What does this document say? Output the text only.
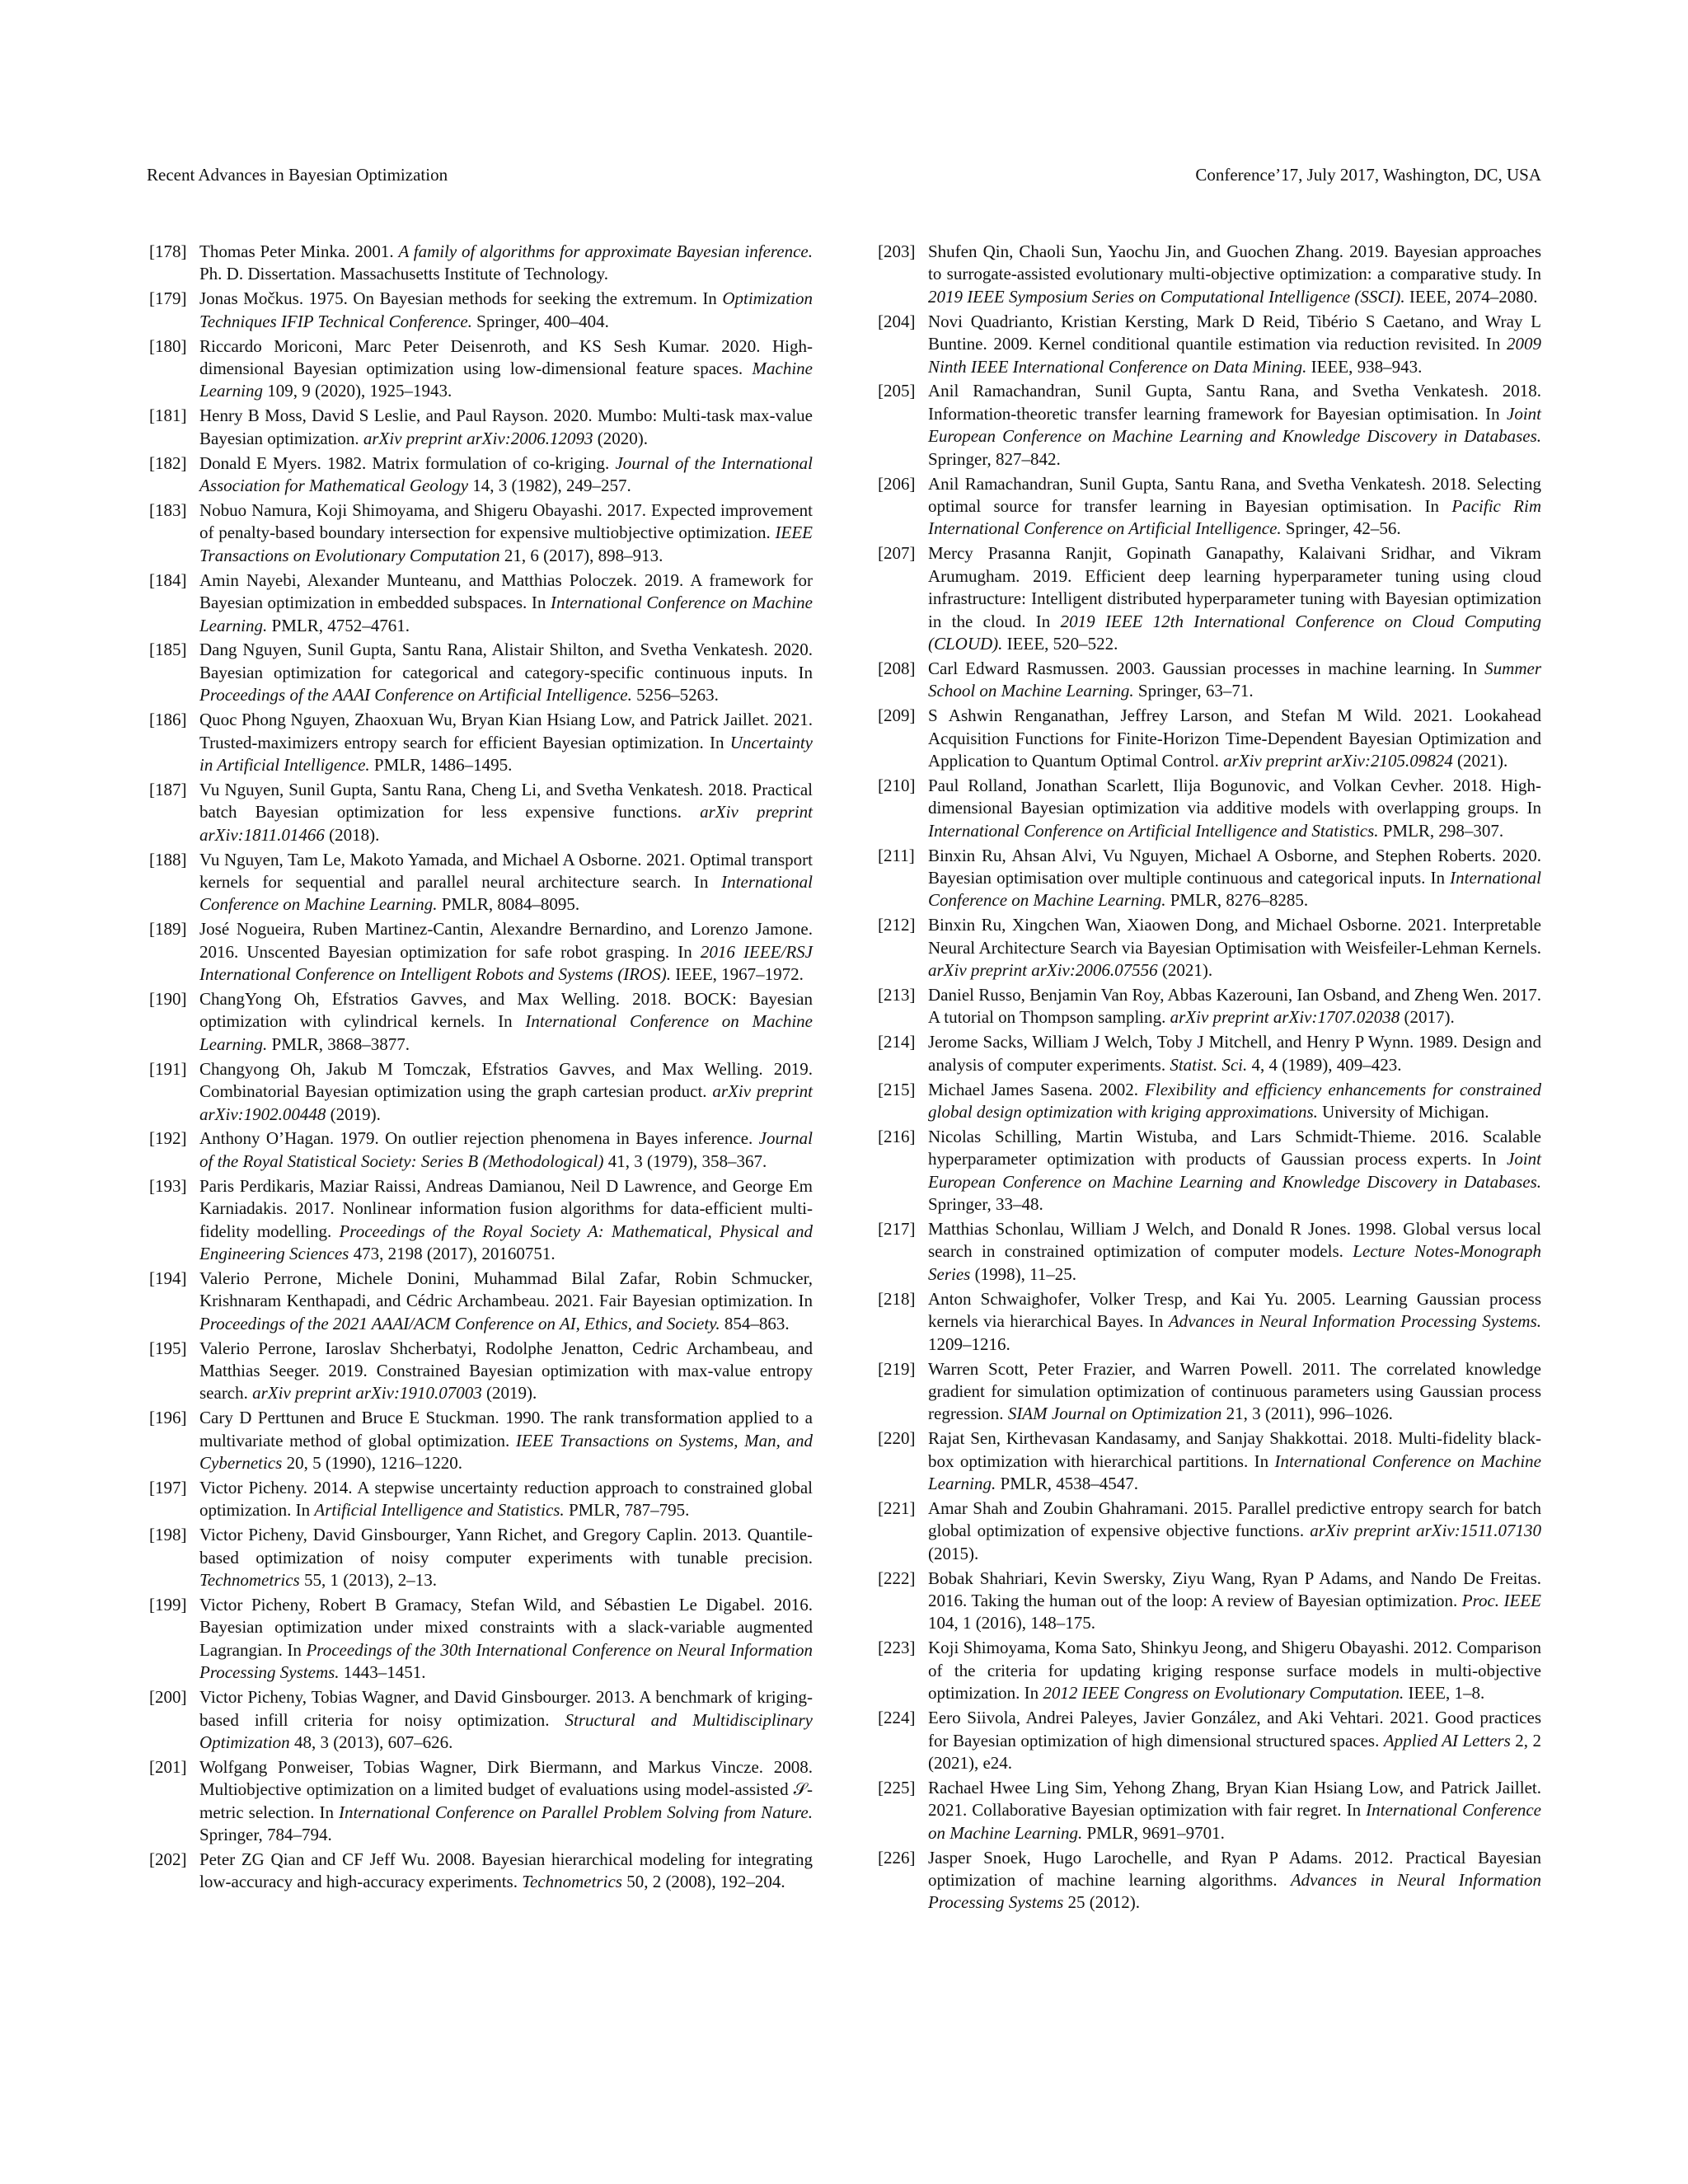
Recent Advances in Bayesian Optimization	Conference’17, July 2017, Washington, DC, USA
[178] Thomas Peter Minka. 2001. A family of algorithms for approximate Bayesian inference. Ph. D. Dissertation. Massachusetts Institute of Technology.
[179] Jonas Močkus. 1975. On Bayesian methods for seeking the extremum. In Optimization Techniques IFIP Technical Conference. Springer, 400–404.
[180] Riccardo Moriconi, Marc Peter Deisenroth, and KS Sesh Kumar. 2020. High-dimensional Bayesian optimization using low-dimensional feature spaces. Machine Learning 109, 9 (2020), 1925–1943.
[181] Henry B Moss, David S Leslie, and Paul Rayson. 2020. Mumbo: Multi-task max-value Bayesian optimization. arXiv preprint arXiv:2006.12093 (2020).
[182] Donald E Myers. 1982. Matrix formulation of co-kriging. Journal of the International Association for Mathematical Geology 14, 3 (1982), 249–257.
[183] Nobuo Namura, Koji Shimoyama, and Shigeru Obayashi. 2017. Expected improvement of penalty-based boundary intersection for expensive multiobjective optimization. IEEE Transactions on Evolutionary Computation 21, 6 (2017), 898–913.
[184] Amin Nayebi, Alexander Munteanu, and Matthias Poloczek. 2019. A framework for Bayesian optimization in embedded subspaces. In International Conference on Machine Learning. PMLR, 4752–4761.
[185] Dang Nguyen, Sunil Gupta, Santu Rana, Alistair Shilton, and Svetha Venkatesh. 2020. Bayesian optimization for categorical and category-specific continuous inputs. In Proceedings of the AAAI Conference on Artificial Intelligence. 5256–5263.
[186] Quoc Phong Nguyen, Zhaoxuan Wu, Bryan Kian Hsiang Low, and Patrick Jaillet. 2021. Trusted-maximizers entropy search for efficient Bayesian optimization. In Uncertainty in Artificial Intelligence. PMLR, 1486–1495.
[187] Vu Nguyen, Sunil Gupta, Santu Rana, Cheng Li, and Svetha Venkatesh. 2018. Practical batch Bayesian optimization for less expensive functions. arXiv preprint arXiv:1811.01466 (2018).
[188] Vu Nguyen, Tam Le, Makoto Yamada, and Michael A Osborne. 2021. Optimal transport kernels for sequential and parallel neural architecture search. In International Conference on Machine Learning. PMLR, 8084–8095.
[189] José Nogueira, Ruben Martinez-Cantin, Alexandre Bernardino, and Lorenzo Jamone. 2016. Unscented Bayesian optimization for safe robot grasping. In 2016 IEEE/RSJ International Conference on Intelligent Robots and Systems (IROS). IEEE, 1967–1972.
[190] ChangYong Oh, Efstratios Gavves, and Max Welling. 2018. BOCK: Bayesian optimization with cylindrical kernels. In International Conference on Machine Learning. PMLR, 3868–3877.
[191] Changyong Oh, Jakub M Tomczak, Efstratios Gavves, and Max Welling. 2019. Combinatorial Bayesian optimization using the graph cartesian product. arXiv preprint arXiv:1902.00448 (2019).
[192] Anthony O’Hagan. 1979. On outlier rejection phenomena in Bayes inference. Journal of the Royal Statistical Society: Series B (Methodological) 41, 3 (1979), 358–367.
[193] Paris Perdikaris, Maziar Raissi, Andreas Damianou, Neil D Lawrence, and George Em Karniadakis. 2017. Nonlinear information fusion algorithms for data-efficient multi-fidelity modelling. Proceedings of the Royal Society A: Mathematical, Physical and Engineering Sciences 473, 2198 (2017), 20160751.
[194] Valerio Perrone, Michele Donini, Muhammad Bilal Zafar, Robin Schmucker, Krishnaram Kenthapadi, and Cédric Archambeau. 2021. Fair Bayesian optimization. In Proceedings of the 2021 AAAI/ACM Conference on AI, Ethics, and Society. 854–863.
[195] Valerio Perrone, Iaroslav Shcherbatyi, Rodolphe Jenatton, Cedric Archambeau, and Matthias Seeger. 2019. Constrained Bayesian optimization with max-value entropy search. arXiv preprint arXiv:1910.07003 (2019).
[196] Cary D Perttunen and Bruce E Stuckman. 1990. The rank transformation applied to a multivariate method of global optimization. IEEE Transactions on Systems, Man, and Cybernetics 20, 5 (1990), 1216–1220.
[197] Victor Picheny. 2014. A stepwise uncertainty reduction approach to constrained global optimization. In Artificial Intelligence and Statistics. PMLR, 787–795.
[198] Victor Picheny, David Ginsbourger, Yann Richet, and Gregory Caplin. 2013. Quantile-based optimization of noisy computer experiments with tunable precision. Technometrics 55, 1 (2013), 2–13.
[199] Victor Picheny, Robert B Gramacy, Stefan Wild, and Sébastien Le Digabel. 2016. Bayesian optimization under mixed constraints with a slack-variable augmented Lagrangian. In Proceedings of the 30th International Conference on Neural Information Processing Systems. 1443–1451.
[200] Victor Picheny, Tobias Wagner, and David Ginsbourger. 2013. A benchmark of kriging-based infill criteria for noisy optimization. Structural and Multidisciplinary Optimization 48, 3 (2013), 607–626.
[201] Wolfgang Ponweiser, Tobias Wagner, Dirk Biermann, and Markus Vincze. 2008. Multiobjective optimization on a limited budget of evaluations using model-assisted 𝒮-metric selection. In International Conference on Parallel Problem Solving from Nature. Springer, 784–794.
[202] Peter ZG Qian and CF Jeff Wu. 2008. Bayesian hierarchical modeling for integrating low-accuracy and high-accuracy experiments. Technometrics 50, 2 (2008), 192–204.
[203] Shufen Qin, Chaoli Sun, Yaochu Jin, and Guochen Zhang. 2019. Bayesian approaches to surrogate-assisted evolutionary multi-objective optimization: a comparative study. In 2019 IEEE Symposium Series on Computational Intelligence (SSCI). IEEE, 2074–2080.
[204] Novi Quadrianto, Kristian Kersting, Mark D Reid, Tibério S Caetano, and Wray L Buntine. 2009. Kernel conditional quantile estimation via reduction revisited. In 2009 Ninth IEEE International Conference on Data Mining. IEEE, 938–943.
[205] Anil Ramachandran, Sunil Gupta, Santu Rana, and Svetha Venkatesh. 2018. Information-theoretic transfer learning framework for Bayesian optimisation. In Joint European Conference on Machine Learning and Knowledge Discovery in Databases. Springer, 827–842.
[206] Anil Ramachandran, Sunil Gupta, Santu Rana, and Svetha Venkatesh. 2018. Selecting optimal source for transfer learning in Bayesian optimisation. In Pacific Rim International Conference on Artificial Intelligence. Springer, 42–56.
[207] Mercy Prasanna Ranjit, Gopinath Ganapathy, Kalaivani Sridhar, and Vikram Arumugham. 2019. Efficient deep learning hyperparameter tuning using cloud infrastructure: Intelligent distributed hyperparameter tuning with Bayesian optimization in the cloud. In 2019 IEEE 12th International Conference on Cloud Computing (CLOUD). IEEE, 520–522.
[208] Carl Edward Rasmussen. 2003. Gaussian processes in machine learning. In Summer School on Machine Learning. Springer, 63–71.
[209] S Ashwin Renganathan, Jeffrey Larson, and Stefan M Wild. 2021. Lookahead Acquisition Functions for Finite-Horizon Time-Dependent Bayesian Optimization and Application to Quantum Optimal Control. arXiv preprint arXiv:2105.09824 (2021).
[210] Paul Rolland, Jonathan Scarlett, Ilija Bogunovic, and Volkan Cevher. 2018. High-dimensional Bayesian optimization via additive models with overlapping groups. In International Conference on Artificial Intelligence and Statistics. PMLR, 298–307.
[211] Binxin Ru, Ahsan Alvi, Vu Nguyen, Michael A Osborne, and Stephen Roberts. 2020. Bayesian optimisation over multiple continuous and categorical inputs. In International Conference on Machine Learning. PMLR, 8276–8285.
[212] Binxin Ru, Xingchen Wan, Xiaowen Dong, and Michael Osborne. 2021. Interpretable Neural Architecture Search via Bayesian Optimisation with Weisfeiler-Lehman Kernels. arXiv preprint arXiv:2006.07556 (2021).
[213] Daniel Russo, Benjamin Van Roy, Abbas Kazerouni, Ian Osband, and Zheng Wen. 2017. A tutorial on Thompson sampling. arXiv preprint arXiv:1707.02038 (2017).
[214] Jerome Sacks, William J Welch, Toby J Mitchell, and Henry P Wynn. 1989. Design and analysis of computer experiments. Statist. Sci. 4, 4 (1989), 409–423.
[215] Michael James Sasena. 2002. Flexibility and efficiency enhancements for constrained global design optimization with kriging approximations. University of Michigan.
[216] Nicolas Schilling, Martin Wistuba, and Lars Schmidt-Thieme. 2016. Scalable hyperparameter optimization with products of Gaussian process experts. In Joint European Conference on Machine Learning and Knowledge Discovery in Databases. Springer, 33–48.
[217] Matthias Schonlau, William J Welch, and Donald R Jones. 1998. Global versus local search in constrained optimization of computer models. Lecture Notes-Monograph Series (1998), 11–25.
[218] Anton Schwaighofer, Volker Tresp, and Kai Yu. 2005. Learning Gaussian process kernels via hierarchical Bayes. In Advances in Neural Information Processing Systems. 1209–1216.
[219] Warren Scott, Peter Frazier, and Warren Powell. 2011. The correlated knowledge gradient for simulation optimization of continuous parameters using Gaussian process regression. SIAM Journal on Optimization 21, 3 (2011), 996–1026.
[220] Rajat Sen, Kirthevasan Kandasamy, and Sanjay Shakkottai. 2018. Multi-fidelity black-box optimization with hierarchical partitions. In International Conference on Machine Learning. PMLR, 4538–4547.
[221] Amar Shah and Zoubin Ghahramani. 2015. Parallel predictive entropy search for batch global optimization of expensive objective functions. arXiv preprint arXiv:1511.07130 (2015).
[222] Bobak Shahriari, Kevin Swersky, Ziyu Wang, Ryan P Adams, and Nando De Freitas. 2016. Taking the human out of the loop: A review of Bayesian optimization. Proc. IEEE 104, 1 (2016), 148–175.
[223] Koji Shimoyama, Koma Sato, Shinkyu Jeong, and Shigeru Obayashi. 2012. Comparison of the criteria for updating kriging response surface models in multi-objective optimization. In 2012 IEEE Congress on Evolutionary Computation. IEEE, 1–8.
[224] Eero Siivola, Andrei Paleyes, Javier González, and Aki Vehtari. 2021. Good practices for Bayesian optimization of high dimensional structured spaces. Applied AI Letters 2, 2 (2021), e24.
[225] Rachael Hwee Ling Sim, Yehong Zhang, Bryan Kian Hsiang Low, and Patrick Jaillet. 2021. Collaborative Bayesian optimization with fair regret. In International Conference on Machine Learning. PMLR, 9691–9701.
[226] Jasper Snoek, Hugo Larochelle, and Ryan P Adams. 2012. Practical Bayesian optimization of machine learning algorithms. Advances in Neural Information Processing Systems 25 (2012).
